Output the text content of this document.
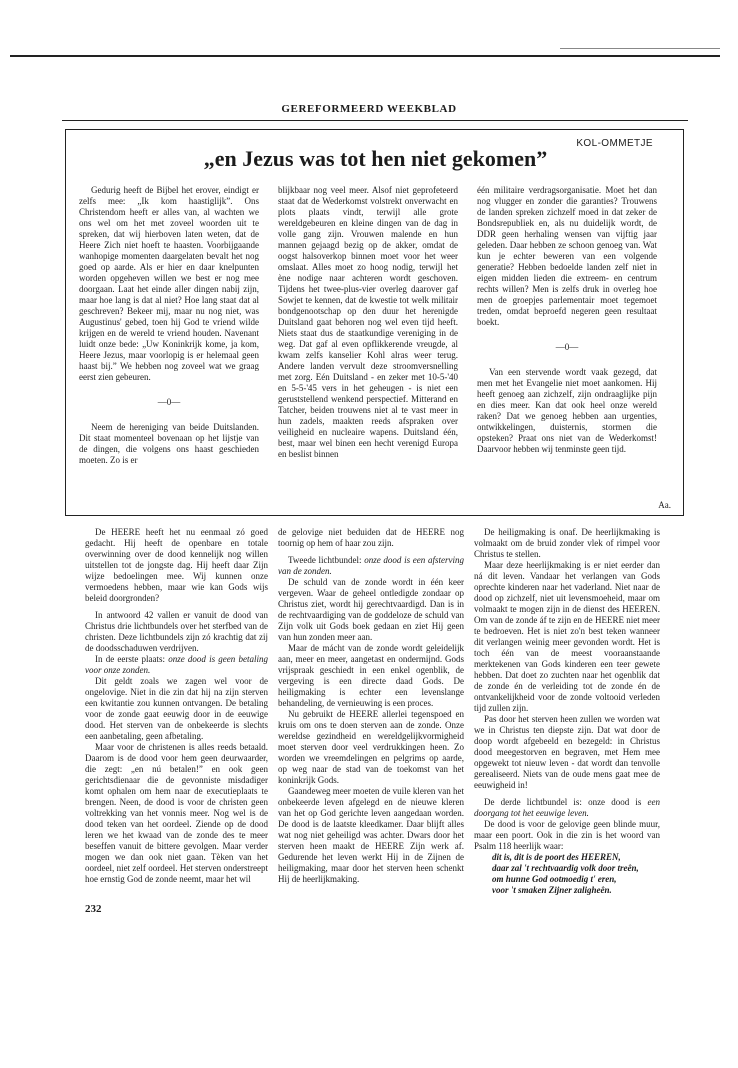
GEREFORMEERD WEEKBLAD
KOL-OMMETJE
„en Jezus was tot hen niet gekomen”

Gedurig heeft de Bijbel het erover, eindigt er zelfs mee: „Ik kom haastiglijk”. Ons Christendom heeft er alles van, al wachten we ons wel om het met zoveel woorden uit te spreken, dat wij hierboven laten weten, dat de Heere Zich niet hoeft te haasten. Voorbijgaande wanhopige momenten daargelaten bevalt het nog goed op aarde. Als er hier en daar knelpunten worden opgeheven willen we best er nog mee doorgaan. Laat het einde aller dingen nabij zijn, maar hoe lang is dat al niet? Hoe lang staat dat al geschreven? Bekeer mij, maar nu nog niet, was Augustinus' gebed, toen hij God te vriend wilde krijgen en de wereld te vriend houden. Navenant luidt onze bede: „Uw Koninkrijk kome, ja kom, Heere Jezus, maar voorlopig is er helemaal geen haast bij.” We hebben nog zoveel wat we graag eerst zien gebeuren.

—0—

Neem de hereniging van beide Duitslanden. Dit staat momenteel bovenaan op het lijstje van de dingen, die volgens ons haast geschieden moeten. Zo is er

blijkbaar nog veel meer. Alsof niet geprofeteerd staat dat de Wederkomst volstrekt onverwacht en plots plaats vindt, terwijl alle grote wereldgebeuren en kleine dingen van de dag in volle gang zijn. Vrouwen malende en hun mannen gejaagd bezig op de akker, omdat de oogst halsoverkop binnen moet voor het weer omslaat. Alles moet zo hoog nodig, terwijl het ène nodige naar achteren wordt geschoven. Tijdens het twee-plus-vier overleg daarover gaf Sowjet te kennen, dat de kwestie tot welk militair bondgenootschap op den duur het herenigde Duitsland gaat behoren nog wel even tijd heeft. Niets staat dus de staatkundige vereniging in de weg. Dat gaf al even opflikkerende vreugde, al kwam zelfs kanselier Kohl alras weer terug. Andere landen vervult deze stroomversnelling met zorg. Eén Duitsland - en zeker met 10-5-'40 en 5-5-'45 vers in het geheugen - is niet een geruststellend wenkend perspectief. Mitterand en Tatcher, beiden trouwens niet al te vast meer in hun zadels, maakten reeds afspraken over veiligheid en nucleaire wapens. Duitsland één, best, maar wel binen een hecht verenigd Europa en beslist binnen

één militaire verdragsorganisatie. Moet het dan nog vlugger en zonder die garanties? Trouwens de landen spreken zichzelf moed in dat zeker de Bondsrepubliek en, als nu duidelijk wordt, de DDR geen herhaling wensen van vijftig jaar geleden. Daar hebben ze schoon genoeg van. Wat kun je echter beweren van een volgende generatie? Hebben bedoelde landen zelf niet in eigen midden lieden die extreem- en centrum rechts willen? Men is zelfs druk in overleg hoe men de groepjes parlementair moet tegemoet treden, omdat beproefd negeren geen resultaat boekt.

—0—

Van een stervende wordt vaak gezegd, dat men met het Evangelie niet moet aankomen. Hij heeft genoeg aan zichzelf, zijn ondraaglijke pijn en dies meer. Kan dat ook heel onze wereld raken? Dat we genoeg hebben aan urgenties, ontwikkelingen, duisternis, stormen die opsteken? Praat ons niet van de Wederkomst! Daarvoor hebben wij tenminste geen tijd.

Aa.

De HEERE heeft het nu eenmaal zó goed gedacht. Hij heeft de openbare en totale overwinning over de dood kennelijk nog willen uitstellen tot de jongste dag. Hij heeft daar Zijn wijze bedoelingen mee. Wij kunnen onze vermoedens hebben, maar wie kan Gods wijs beleid doorgronden?

In antwoord 42 vallen er vanuit de dood van Christus drie lichtbundels over het sterfbed van de christen. Deze lichtbundels zijn zó krachtig dat zij de doodsschaduwen verdrijven.

In de eerste plaats: onze dood is geen betaling voor onze zonden.

Dit geldt zoals we zagen wel voor de ongelovige. Niet in die zin dat hij na zijn sterven een kwitantie zou kunnen ontvangen. De betaling voor de zonde gaat eeuwig door in de eeuwige dood. Het sterven van de onbekeerde is slechts een aanbetaling, geen afbetaling.

Maar voor de christenen is alles reeds betaald. Daarom is de dood voor hem geen deurwaarder, die zegt: „en nú betalen!” en ook geen gerichtsdienaar die de gevonniste misdadiger komt ophalen om hem naar de executieplaats te brengen. Neen, de dood is voor de christen geen voltrekking van het vonnis meer. Nog wel is de dood teken van het oordeel. Ziende op de dood leren we het kwaad van de zonde des te meer beseffen vanuit de bittere gevolgen. Maar verder mogen we dan ook niet gaan. Tèken van het oordeel, niet zelf oordeel. Het sterven onderstreept hoe ernstig God de zonde neemt, maar het wil

de gelovige niet beduiden dat de HEERE nog toornig op hem of haar zou zijn.

Tweede lichtbundel: onze dood is een afsterving van de zonden.

De schuld van de zonde wordt in één keer vergeven. Waar de geheel ontledigde zondaar op Christus ziet, wordt hij gerechtvaardigd. Dan is in de rechtvaardiging van de goddeloze de schuld van Zijn volk uit Gods boek gedaan en ziet Hij geen van hun zonden meer aan.

Maar de mácht van de zonde wordt geleidelijk aan, meer en meer, aangetast en ondermijnd. Gods vrijspraak geschiedt in een enkel ogenblik, de vergeving is een directe daad Gods. De heiligmaking is echter een levenslange behandeling, de vernieuwing is een proces.

Nu gebruikt de HEERE allerlei tegenspoed en kruis om ons te doen sterven aan de zonde. Onze wereldse gezindheid en wereldgelijkvormigheid moet sterven door veel verdrukkingen heen. Zo worden we vreemdelingen en pelgrims op aarde, op weg naar de stad van de toekomst van het koninkrijk Gods.

Gaandeweg meer moeten de vuile kleren van het onbekeerde leven afgelegd en de nieuwe kleren van het op God gerichte leven aangedaan worden. De dood is de laatste kleedkamer. Daar blijft alles wat nog niet geheiligd was achter. Dwars door het sterven heen maakt de HEERE Zijn werk af. Gedurende het leven werkt Hij in de Zijnen de heiligmaking, maar door het sterven heen schenkt Hij de heerlijkmaking.

De heiligmaking is onaf. De heerlijkmaking is volmaakt om de bruid zonder vlek of rimpel voor Christus te stellen.

Maar deze heerlijkmaking is er niet eerder dan ná dit leven. Vandaar het verlangen van Gods oprechte kinderen naar het vaderland. Niet naar de dood op zichzelf, niet uit levensmoeheid, maar om volmaakt te mogen zijn in de dienst des HEEREN. Om van de zonde áf te zijn en de HEERE niet meer te bedroeven. Het is niet zo'n best teken wanneer dit verlangen weinig meer gevonden wordt. Het is toch één van de meest vooraanstaande merktekenen van Gods kinderen een teer gewete hebben. Dat doet zo zuchten naar het ogenblik dat de zonde én de verleiding tot de zonde én de ontvankelijkheid voor de zonde voltooid verleden tijd zullen zijn.

Pas door het sterven heen zullen we worden wat we in Christus ten diepste zijn. Dat wat door de doop wordt afgebeeld en bezegeld: in Christus dood meegestorven en begraven, met Hem mee opgewekt tot nieuw leven - dat wordt dan tenvolle gerealiseerd. Niets van de oude mens gaat mee de eeuwigheid in!

De derde lichtbundel is: onze dood is een doorgang tot het eeuwige leven.

De dood is voor de gelovige geen blinde muur, maar een poort. Ook in die zin is het woord van Psalm 118 heerlijk waar:

dit is, dit is de poort des HEEREN,

daar zal 't rechtvaardig volk door treên,

om hunne God ootmoedig t' eren,

voor 't smaken Zijner zaligheên.

232
